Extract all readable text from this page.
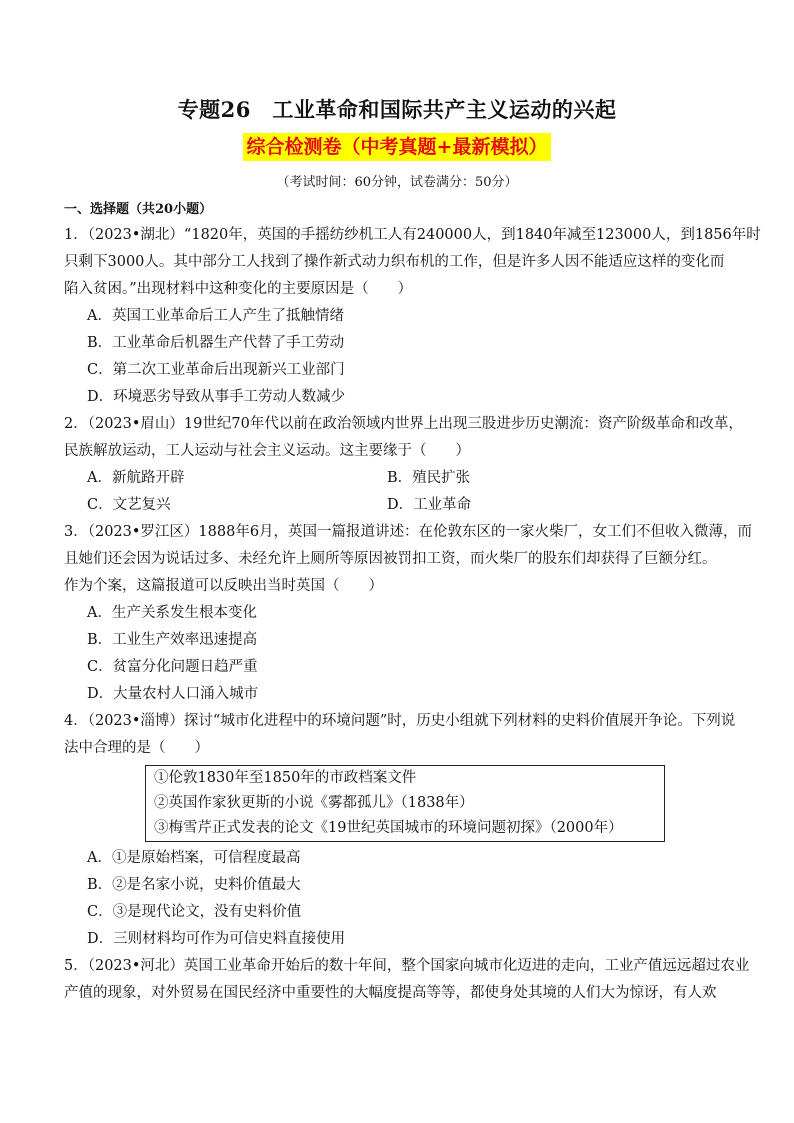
专题26　工业革命和国际共产主义运动的兴起
综合检测卷（中考真题+最新模拟）
（考试时间：60分钟，试卷满分：50分）
一、选择题（共20小题）
1．（2023•湖北）“1820年，英国的手摇纺纱机工人有240000人，到1840年减至123000人，到1856年时
只剩下3000人。其中部分工人找到了操作新式动力织布机的工作，但是许多人因不能适应这样的变化而
陷入贫困。”出现材料中这种变化的主要原因是（　　）
A．英国工业革命后工人产生了抵触情绪
B．工业革命后机器生产代替了手工劳动
C．第二次工业革命后出现新兴工业部门
D．环境恶劣导致从事手工劳动人数减少
2．（2023•眉山）19世纪70年代以前在政治领域内世界上出现三股进步历史潮流：资产阶级革命和改革，
民族解放运动，工人运动与社会主义运动。这主要缘于（　　）
A．新航路开辟	B．殖民扩张
C．文艺复兴	D．工业革命
3．（2023•罗江区）1888年6月，英国一篇报道讲述：在伦敦东区的一家火柴厂，女工们不但收入微薄，而
且她们还会因为说话过多、未经允许上厕所等原因被罚扣工资，而火柴厂的股东们却获得了巨额分红。
作为个案，这篇报道可以反映出当时英国（　　）
A．生产关系发生根本变化
B．工业生产效率迅速提高
C．贫富分化问题日趋严重
D．大量农村人口涌入城市
4．（2023•淄博）探讨“城市化进程中的环境问题”时，历史小组就下列材料的史料价值展开争论。下列说
法中合理的是（　　）
①伦敦1830年至1850年的市政档案文件
②英国作家狄更斯的小说《雾都孤儿》（1838年）
③梅雪芹正式发表的论文《19世纪英国城市的环境问题初探》（2000年）
A．①是原始档案，可信程度最高
B．②是名家小说，史料价值最大
C．③是现代论文，没有史料价值
D．三则材料均可作为可信史料直接使用
5．（2023•河北）英国工业革命开始后的数十年间，整个国家向城市化迈进的走向，工业产值远远超过农业
产值的现象，对外贸易在国民经济中重要性的大幅度提高等等，都使身处其境的人们大为惊讶，有人欢
